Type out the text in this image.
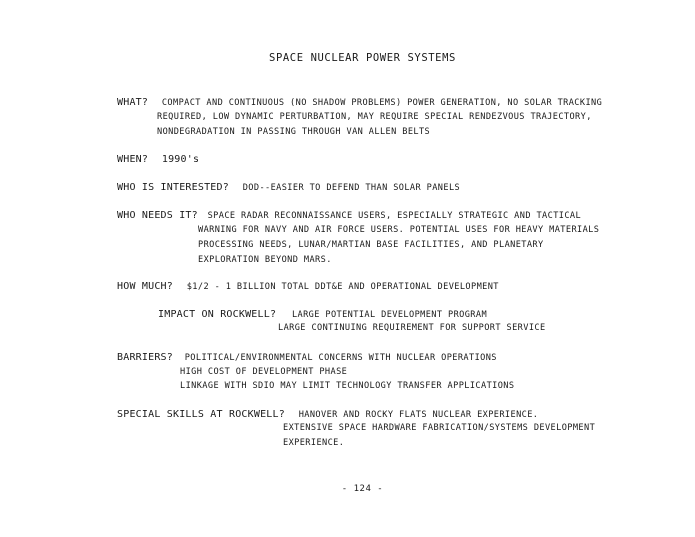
SPACE NUCLEAR POWER SYSTEMS
WHAT? COMPACT AND CONTINUOUS (NO SHADOW PROBLEMS) POWER GENERATION, NO SOLAR TRACKING
REQUIRED, LOW DYNAMIC PERTURBATION, MAY REQUIRE SPECIAL RENDEZVOUS TRAJECTORY,
NONDEGRADATION IN PASSING THROUGH VAN ALLEN BELTS
WHEN? 1990's
WHO IS INTERESTED? DOD--EASIER TO DEFEND THAN SOLAR PANELS
WHO NEEDS IT? SPACE RADAR RECONNAISSANCE USERS, ESPECIALLY STRATEGIC AND TACTICAL
WARNING FOR NAVY AND AIR FORCE USERS. POTENTIAL USES FOR HEAVY MATERIALS
PROCESSING NEEDS, LUNAR/MARTIAN BASE FACILITIES, AND PLANETARY
EXPLORATION BEYOND MARS.
HOW MUCH? $1/2 - 1 BILLION TOTAL DDT&E AND OPERATIONAL DEVELOPMENT
IMPACT ON ROCKWELL? LARGE POTENTIAL DEVELOPMENT PROGRAM
LARGE CONTINUING REQUIREMENT FOR SUPPORT SERVICE
BARRIERS? POLITICAL/ENVIRONMENTAL CONCERNS WITH NUCLEAR OPERATIONS
HIGH COST OF DEVELOPMENT PHASE
LINKAGE WITH SDIO MAY LIMIT TECHNOLOGY TRANSFER APPLICATIONS
SPECIAL SKILLS AT ROCKWELL? HANOVER AND ROCKY FLATS NUCLEAR EXPERIENCE.
EXTENSIVE SPACE HARDWARE FABRICATION/SYSTEMS DEVELOPMENT
EXPERIENCE.
- 124 -
